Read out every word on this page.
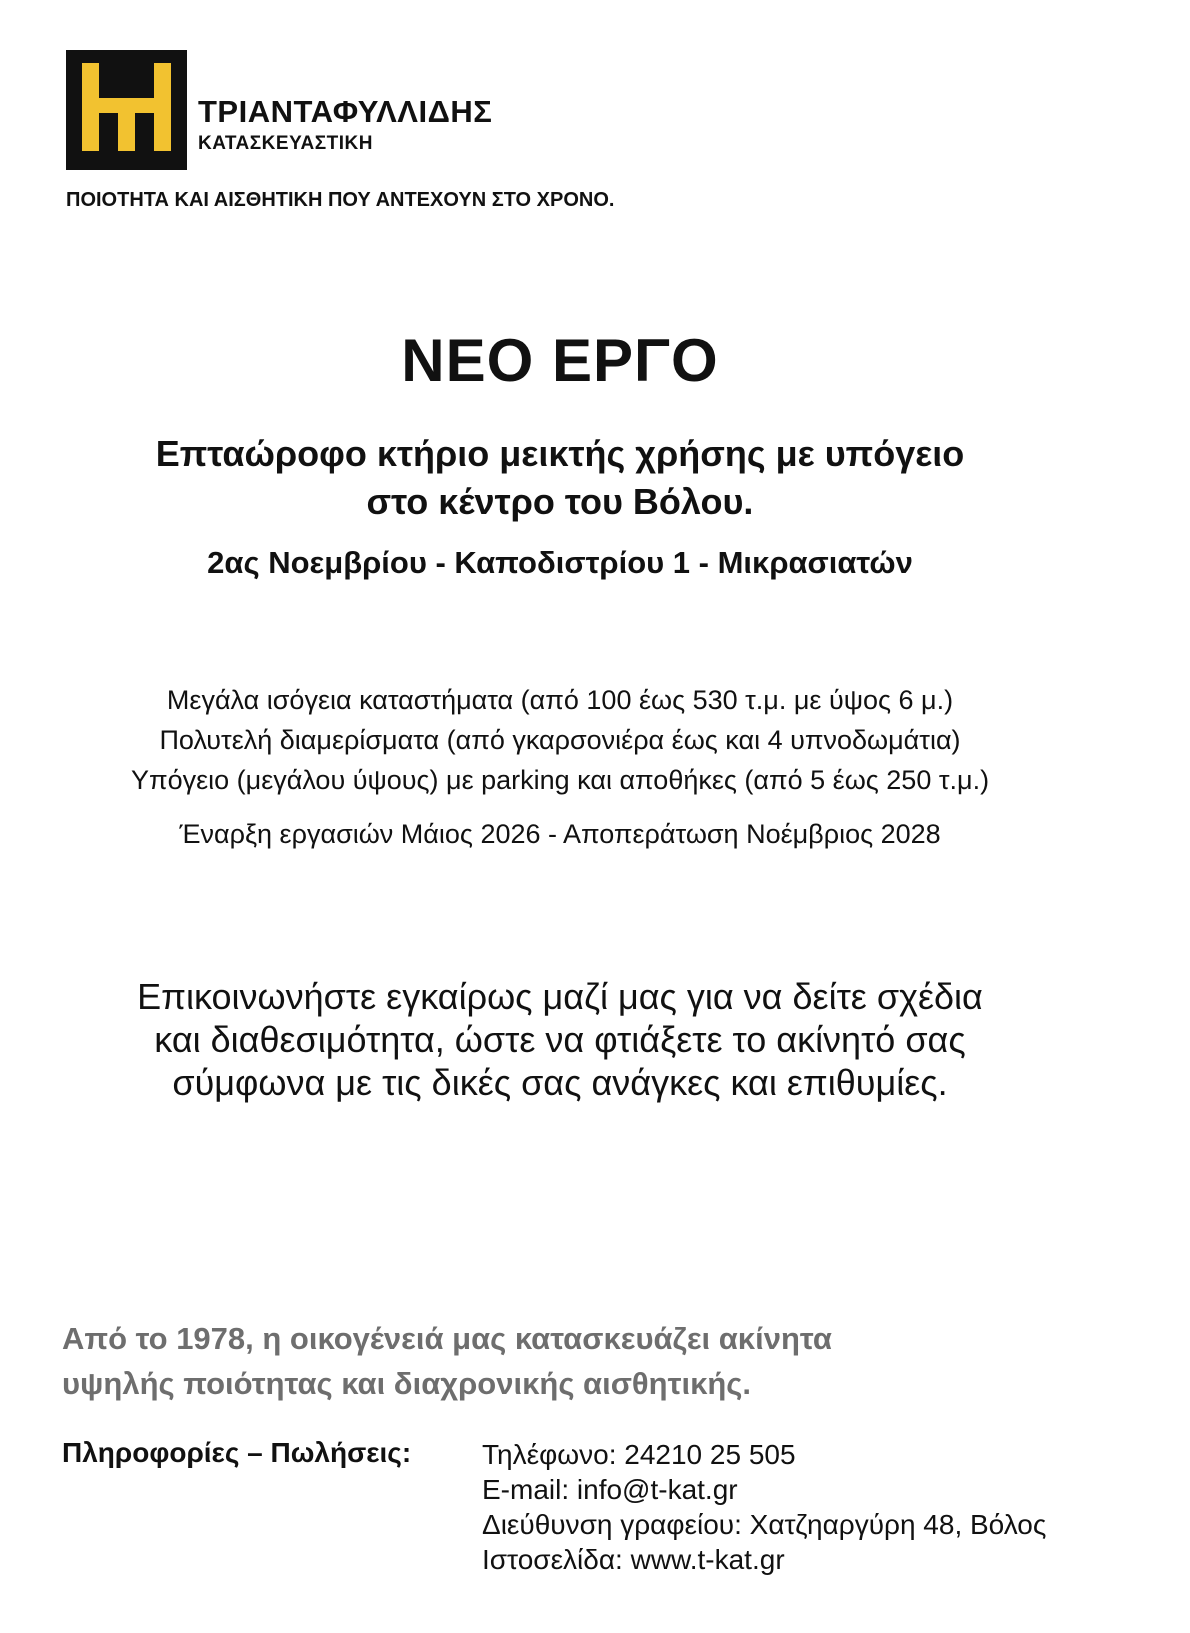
ΤΡΙΑΝΤΑΦΥΛΛΙΔΗΣ
ΚΑΤΑΣΚΕΥΑΣΤΙΚΗ
ΠΟΙΟΤΗΤΑ ΚΑΙ ΑΙΣΘΗΤΙΚΗ ΠΟΥ ΑΝΤΕΧΟΥΝ ΣΤΟ ΧΡΟΝΟ.
ΝΕΟ ΕΡΓΟ
Επταώροφο κτήριο μεικτής χρήσης με υπόγειο
στο κέντρο του Βόλου.
2ας Νοεμβρίου - Καποδιστρίου 1 - Μικρασιατών
Μεγάλα ισόγεια καταστήματα (από 100 έως 530 τ.μ. με ύψος 6 μ.)
Πολυτελή διαμερίσματα (από γκαρσονιέρα έως και 4 υπνοδωμάτια)
Υπόγειο (μεγάλου ύψους) με parking και αποθήκες (από 5 έως 250 τ.μ.)
Έναρξη εργασιών Μάιος 2026 - Αποπεράτωση Νοέμβριος 2028
Επικοινωνήστε εγκαίρως μαζί μας για να δείτε σχέδια
και διαθεσιμότητα, ώστε να φτιάξετε το ακίνητό σας
σύμφωνα με τις δικές σας ανάγκες και επιθυμίες.
Από το 1978, η οικογένειά μας κατασκευάζει ακίνητα
υψηλής ποιότητας και διαχρονικής αισθητικής.
Πληροφορίες – Πωλήσεις:	Τηλέφωνο: 24210 25 505
E-mail: info@t-kat.gr
Διεύθυνση γραφείου: Χατζηαργύρη 48, Βόλος
Ιστοσελίδα: www.t-kat.gr
